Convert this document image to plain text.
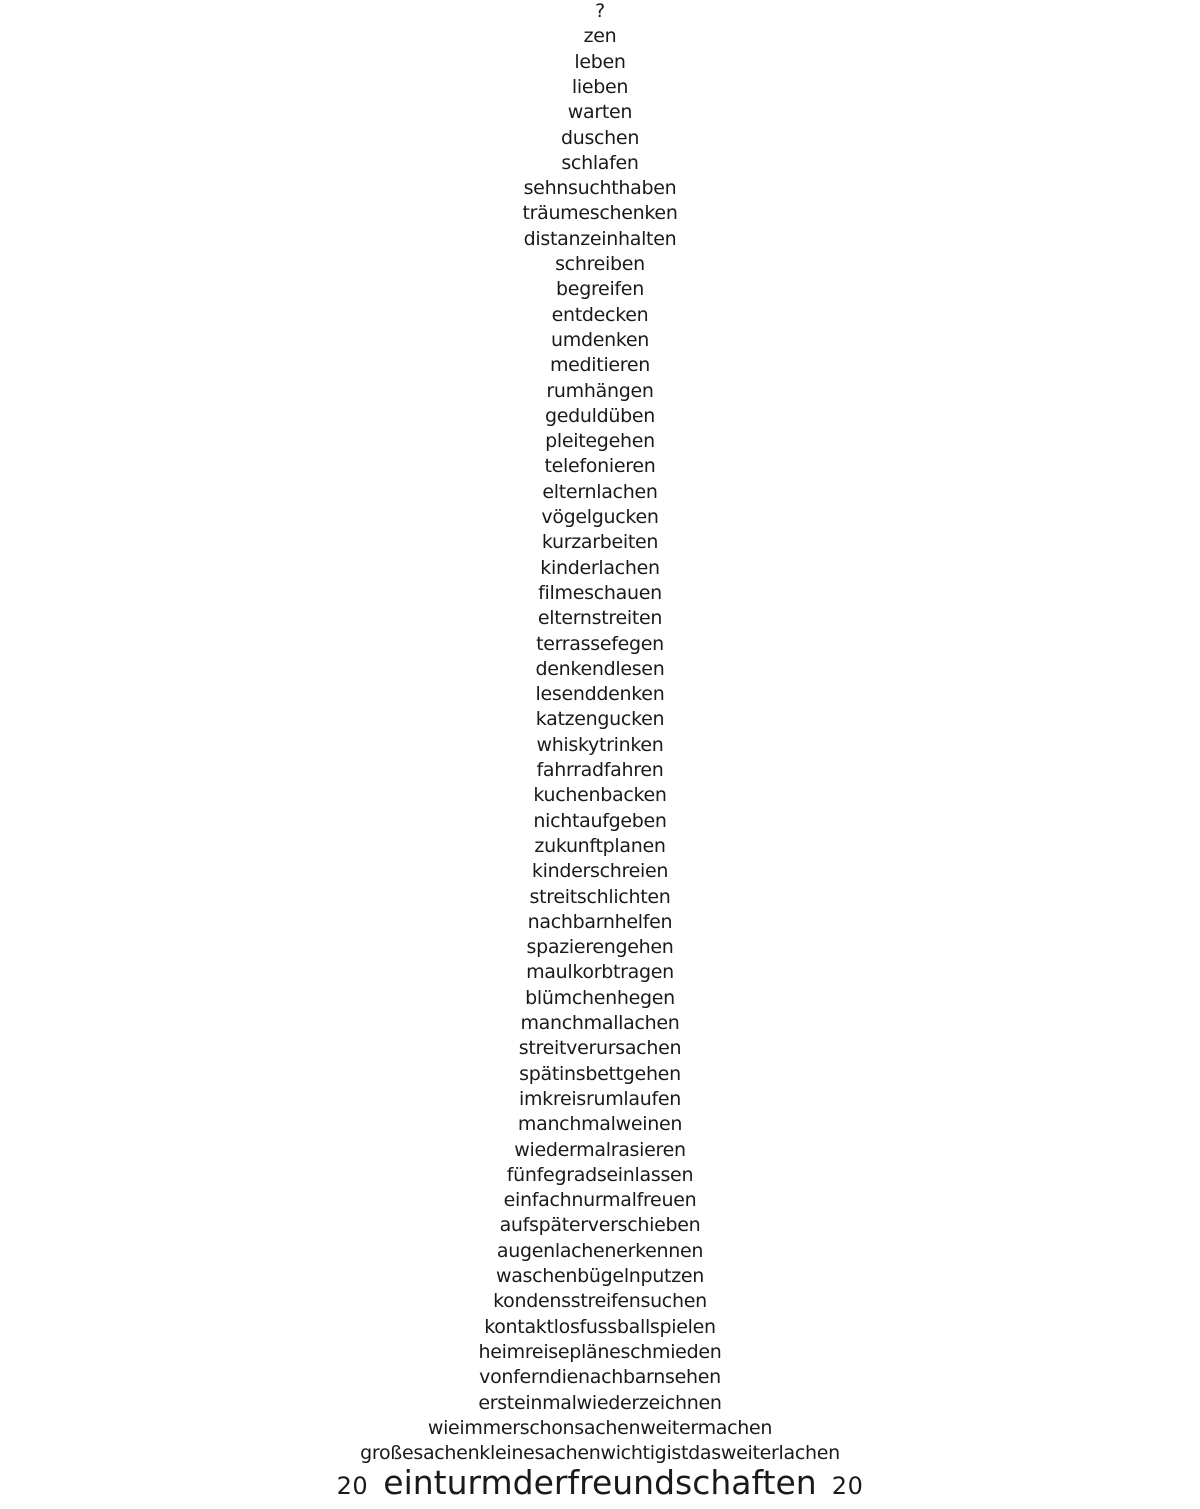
?
zen
leben
lieben
warten
duschen
schlafen
sehnsuchthaben
träumeschenken
distanzeinhalten
schreiben
begreifen
entdecken
umdenken
meditieren
rumhängen
geduldüben
pleitegehen
telefonieren
elternlachen
vögelgucken
kurzarbeiten
kinderlachen
filmeschauen
elternstreiten
terrassefegen
denkendlesen
lesenddenken
katzengucken
whiskytrinken
fahrradfahren
kuchenbacken
nichtaufgeben
zukunftplanen
kinderschreien
streitschlichten
nachbarnhelfen
spazierengehen
maulkorbtragen
blümchenhegen
manchmallachen
streitverursachen
spätinsbettgehen
imkreisrumlaufen
manchmalweinen
wiedermalrasieren
fünfegradseinlassen
einfachnurmalfreuen
aufspäterverschieben
augenlachenerkennen
waschenbügelnputzen
kondensstreifensuchen
kontaktlosfussballspielen
heimreisepläneschmieden
vonferndienachbarnsehen
ersteinmalwiederzeichnen
wieimmerschonsachenweitermachen
großesachenkleinesachenwichtigistdasweiterlachen
20 einturmderfreundschaften 20
